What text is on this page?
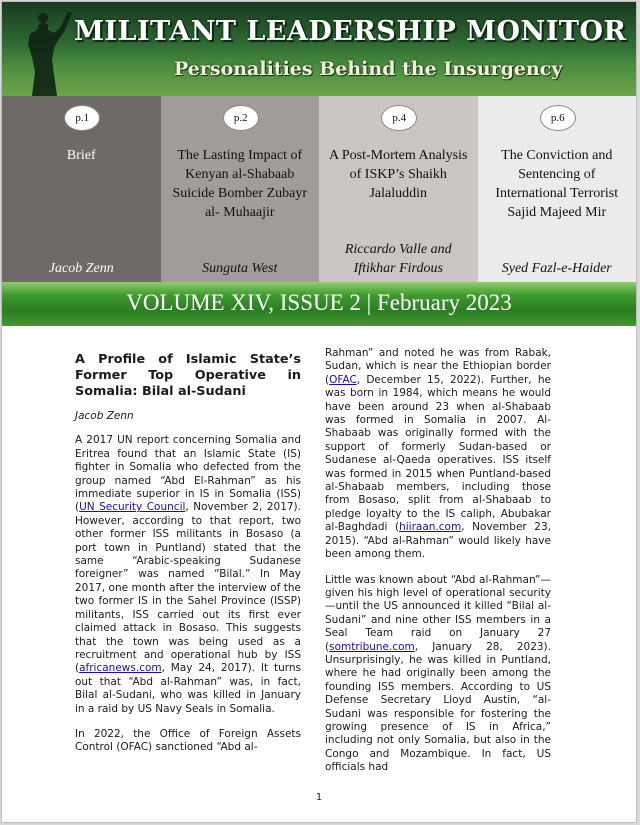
MILITANT LEADERSHIP MONITOR
Personalities Behind the Insurgency
p.1
Brief
Jacob Zenn
p.2
The Lasting Impact of Kenyan al-Shabaab Suicide Bomber Zubayr al- Muhaajir
Sunguta West
p.4
A Post-Mortem Analysis of ISKP’s Shaikh Jalaluddin
Riccardo Valle and Iftikhar Firdous
p.6
The Conviction and Sentencing of International Terrorist Sajid Majeed Mir
Syed Fazl-e-Haider
VOLUME XIV, ISSUE 2 | February 2023
A Profile of Islamic State’s Former Top Operative in Somalia: Bilal al-Sudani
Jacob Zenn

A 2017 UN report concerning Somalia and Eritrea found that an Islamic State (IS) fighter in Somalia who defected from the group named “Abd El-Rahman” as his immediate superior in IS in Somalia (ISS) (UN Security Council, November 2, 2017). However, according to that report, two other former ISS militants in Bosaso (a port town in Puntland) stated that the same “Arabic-speaking Sudanese foreigner” was named “Bilal.” In May 2017, one month after the interview of the two former IS in the Sahel Province (ISSP) militants, ISS carried out its first ever claimed attack in Bosaso. This suggests that the town was being used as a recruitment and operational hub by ISS (africanews.com, May 24, 2017). It turns out that “Abd al-Rahman” was, in fact, Bilal al-Sudani, who was killed in January in a raid by US Navy Seals in Somalia.

In 2022, the Office of Foreign Assets Control (OFAC) sanctioned “Abd al-

Rahman” and noted he was from Rabak, Sudan, which is near the Ethiopian border (OFAC, December 15, 2022). Further, he was born in 1984, which means he would have been around 23 when al-Shabaab was formed in Somalia in 2007. Al-Shabaab was originally formed with the support of formerly Sudan-based or Sudanese al-Qaeda operatives. ISS itself was formed in 2015 when Puntland-based al-Shabaab members, including those from Bosaso, split from al-Shabaab to pledge loyalty to the IS caliph, Abubakar al-Baghdadi (hiiraan.com, November 23, 2015). “Abd al-Rahman” would likely have been among them.

Little was known about “Abd al-Rahman”—given his high level of operational security—until the US announced it killed “Bilal al-Sudani” and nine other ISS members in a Seal Team raid on January 27 (somtribune.com, January 28, 2023). Unsurprisingly, he was killed in Puntland, where he had originally been among the founding ISS members. According to US Defense Secretary Lloyd Austin, “al-Sudani was responsible for fostering the growing presence of IS in Africa,” including not only Somalia, but also in the Congo and Mozambique. In fact, US officials had

1
